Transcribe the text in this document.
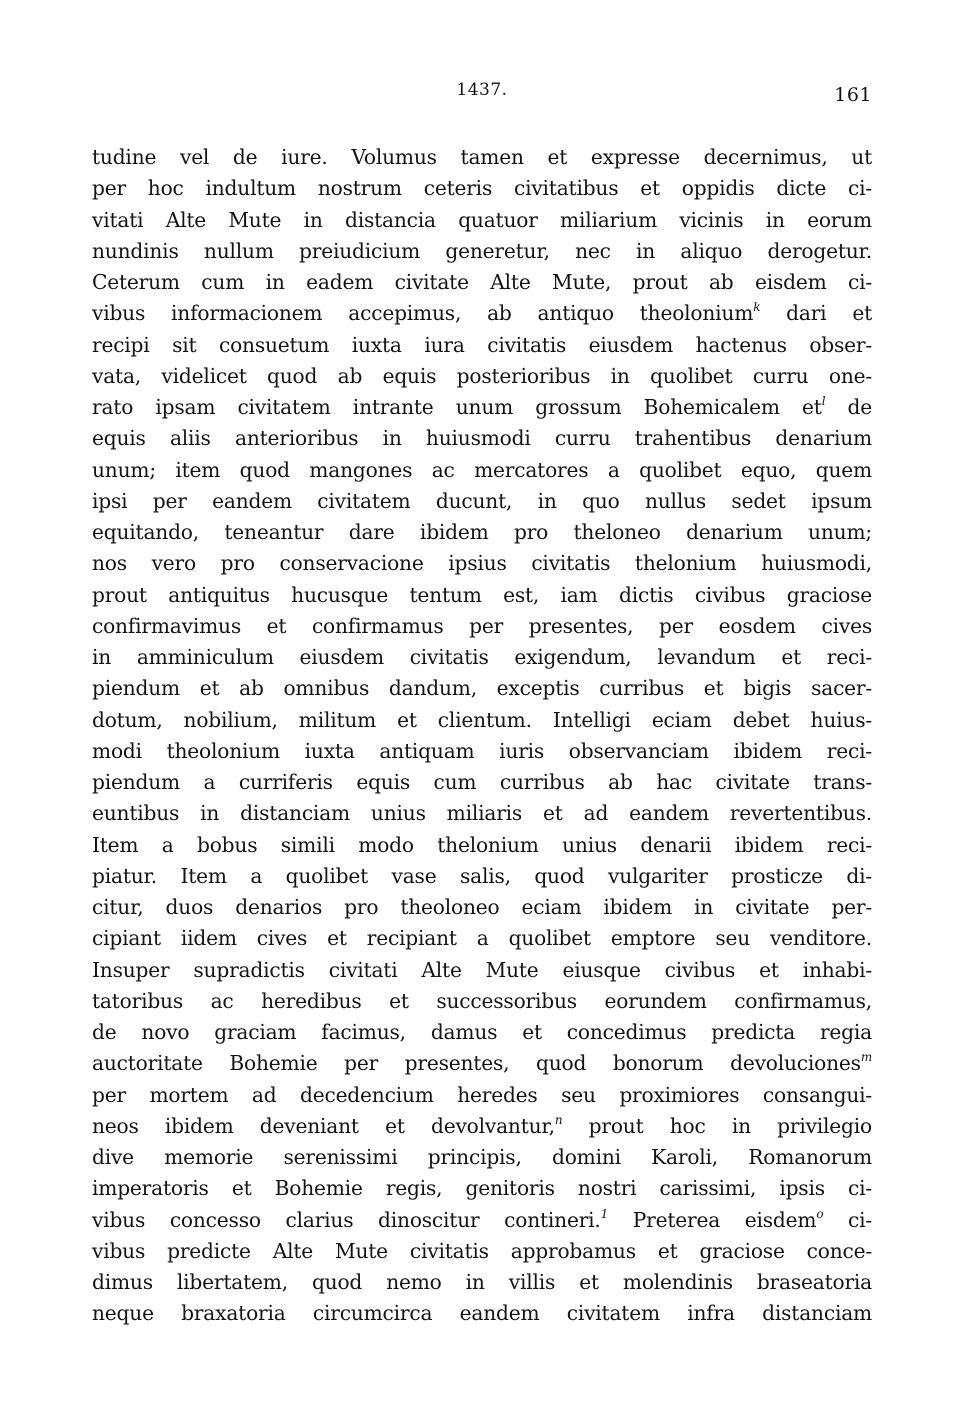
1437.	161
tudine vel de iure. Volumus tamen et expresse decernimus, ut
per hoc indultum nostrum ceteris civitatibus et oppidis dicte ci-
vitati Alte Mute in distancia quatuor miliarium vicinis in eorum
nundinis nullum preiudicium generetur, nec in aliquo derogetur.
Ceterum cum in eadem civitate Alte Mute, prout ab eisdem ci-
vibus informacionem accepimus, ab antiquo theolonium$^k$ dari et
recipi sit consuetum iuxta iura civitatis eiusdem hactenus obser-
vata, videlicet quod ab equis posterioribus in quolibet curru one-
rato ipsam civitatem intrante unum grossum Bohemicalem $et^l$ de
equis aliis anterioribus in huiusmodi curru trahentibus denarium
unum; item quod mangones ac mercatores a quolibet equo, quem
ipsi per eandem civitatem ducunt, in quo nullus sedet ipsum
equitando, teneantur dare ibidem pro theloneo denarium unum;
nos vero pro conservacione ipsius civitatis thelonium huiusmodi,
prout antiquitus hucusque tentum est, iam dictis civibus graciose
confirmavimus et confirmamus per presentes, per eosdem cives
in amminiculum eiusdem civitatis exigendum, levandum et reci-
piendum et ab omnibus dandum, exceptis curribus et bigis sacer-
dotum, nobilium, militum et clientum. Intelligi eciam debet huius-
modi theolonium iuxta antiquam iuris observanciam ibidem reci-
piendum a curriferis equis cum curribus ab hac civitate trans-
euntibus in distanciam unius miliaris et ad eandem revertentibus.
Item a bobus simili modo thelonium unius denarii ibidem reci-
piatur. Item a quolibet vase salis, quod vulgariter prosticze di-
citur, duos denarios pro theoloneo eciam ibidem in civitate per-
cipiant iidem cives et recipiant a quolibet emptore seu venditore.
Insuper supradictis civitati Alte Mute eiusque civibus et inhabi-
tatoribus ac heredibus et successoribus eorundem confirmamus,
de novo graciam facimus, damus et concedimus predicta regia
auctoritate Bohemie per presentes, quod bonorum devoluciones$^m$
per mortem ad decedencium heredes seu proximiores consangui-
neos ibidem deveniant et devolvantur,$^n$ prout hoc in privilegio
dive memorie serenissimi principis, domini Karoli, Romanorum
imperatoris et Bohemie regis, genitoris nostri carissimi, ipsis ci-
vibus concesso clarius dinoscitur contineri.$^1$ Preterea eisdem$^o$ ci-
vibus predicte Alte Mute civitatis approbamus et graciose conce-
dimus libertatem, quod nemo in villis et molendinis braseatoria
neque braxatoria circumcirca eandem civitatem infra distanciam
